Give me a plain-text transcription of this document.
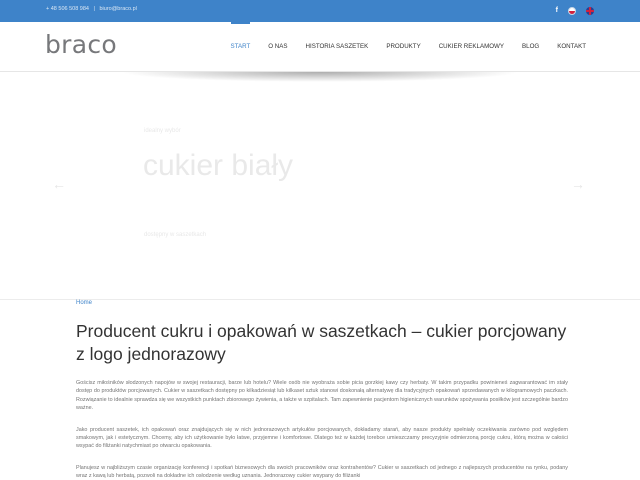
+ 48 506 508 984 | biuro@braco.pl	f
braco	START	O NAS	HISTORIA SASZETEK	PRODUKTY	CUKIER REKLAMOWY	BLOG	KONTAKT
idealny wybór
cukier biały
dostępny w saszetkach
←	→
Home
Producent cukru i opakowań w saszetkach – cukier porcjowany z logo jednorazowy

Gościsz miłośników słodzonych napojów w swojej restauracji, barze lub hotelu? Wiele osób nie wyobraża sobie picia gorzkiej kawy czy herbaty. W takim przypadku powinieneś zagwarantować im stały dostęp do produktów porcjowanych. Cukier w saszetkach dostępny po kilkadziesiąt lub kilkaset sztuk stanowi doskonałą alternatywę dla tradycyjnych opakowań sprzedawanych w kilogramowych paczkach. Rozwiązanie to idealnie sprawdza się we wszystkich punktach zbiorowego żywienia, a także w szpitalach. Tam zapewnienie pacjentom higienicznych warunków spożywania posiłków jest szczególnie bardzo ważne.

Jako producent saszetek, ich opakowań oraz znajdujących się w nich jednorazowych artykułów porcjowanych, dokładamy starań, aby nasze produkty spełniały oczekiwania zarówno pod względem smakowym, jak i estetycznym. Chcemy, aby ich użytkowanie było łatwe, przyjemne i komfortowe. Dlatego też w każdej torebce umieszczamy precyzyjnie odmierzoną porcję cukru, którą można w całości wsypać do filiżanki natychmiast po otwarciu opakowania.

Planujesz w najbliższym czasie organizację konferencji i spotkań biznesowych dla swoich pracowników oraz kontrahentów? Cukier w saszetkach od jednego z najlepszych producentów na rynku, podany wraz z kawą lub herbatą, pozwoli na dokładne ich osłodzenie według uznania. Jednorazowy cukier wsypany do filiżanki
